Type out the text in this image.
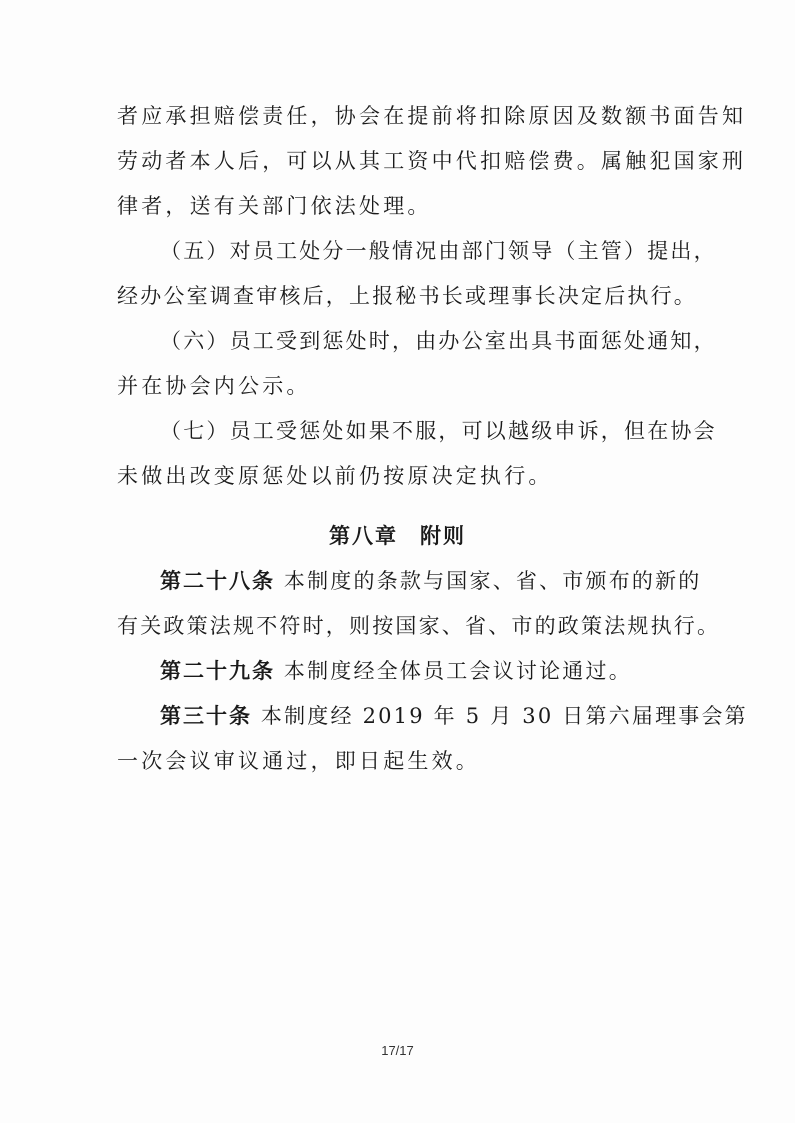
者应承担赔偿责任，协会在提前将扣除原因及数额书面告知
劳动者本人后，可以从其工资中代扣赔偿费。属触犯国家刑
律者，送有关部门依法处理。
（五）对员工处分一般情况由部门领导（主管）提出，
经办公室调查审核后，上报秘书长或理事长决定后执行。
（六）员工受到惩处时，由办公室出具书面惩处通知，
并在协会内公示。
（七）员工受惩处如果不服，可以越级申诉，但在协会
未做出改变原惩处以前仍按原决定执行。
第八章 附则
第二十八条 本制度的条款与国家、省、市颁布的新的
有关政策法规不符时，则按国家、省、市的政策法规执行。
第二十九条 本制度经全体员工会议讨论通过。
第三十条 本制度经 2019 年 5 月 30 日第六届理事会第
一次会议审议通过，即日起生效。
17/17
